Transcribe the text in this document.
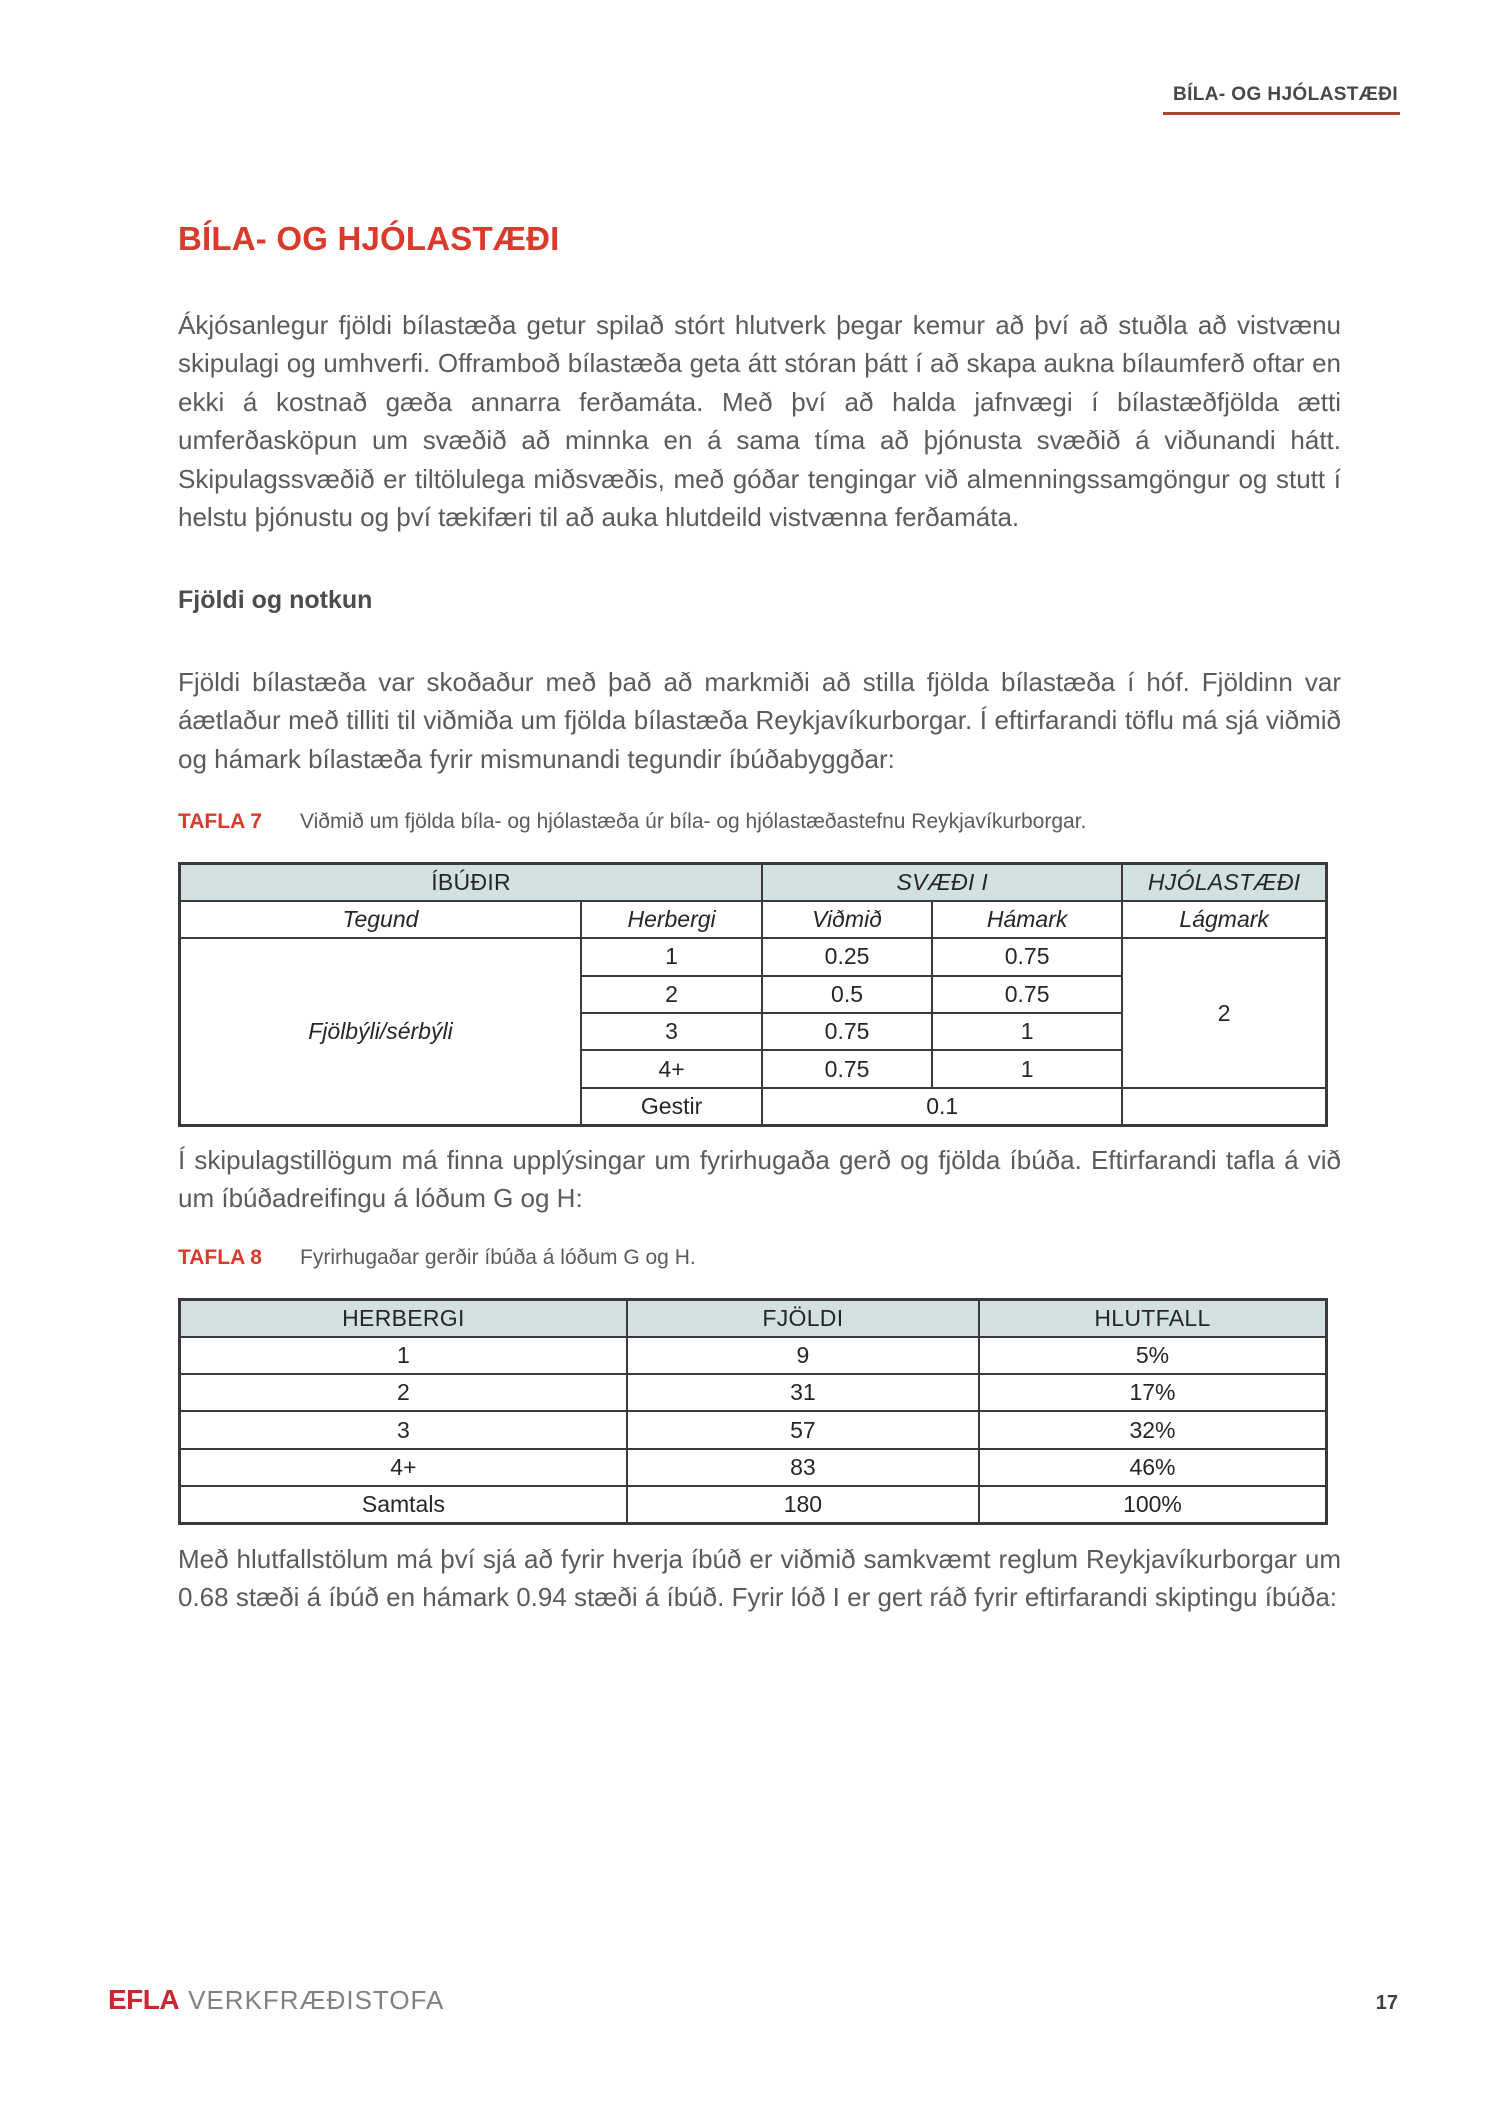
BÍLA- OG HJÓLASTÆÐI
BÍLA- OG HJÓLASTÆÐI

Ákjósanlegur fjöldi bílastæða getur spilað stórt hlutverk þegar kemur að því að stuðla að vistvænu skipulagi og umhverfi. Offramboð bílastæða geta átt stóran þátt í að skapa aukna bílaumferð oftar en ekki á kostnað gæða annarra ferðamáta. Með því að halda jafnvægi í bílastæðfjölda ætti umferðasköpun um svæðið að minnka en á sama tíma að þjónusta svæðið á viðunandi hátt. Skipulagssvæðið er tiltölulega miðsvæðis, með góðar tengingar við almenningssamgöngur og stutt í helstu þjónustu og því tækifæri til að auka hlutdeild vistvænna ferðamáta.

Fjöldi og notkun

Fjöldi bílastæða var skoðaður með það að markmiði að stilla fjölda bílastæða í hóf. Fjöldinn var áætlaður með tilliti til viðmiða um fjölda bílastæða Reykjavíkurborgar. Í eftirfarandi töflu má sjá viðmið og hámark bílastæða fyrir mismunandi tegundir íbúðabyggðar:

TAFLA 7	Viðmið um fjölda bíla- og hjólastæða úr bíla- og hjólastæðastefnu Reykjavíkurborgar.
ÍBÚÐIR		SVÆÐI I		HJÓLASTÆÐI
Tegund	Herbergi	Viðmið	Hámark	Lágmark
Fjölbýli/sérbýli	1	0.25	0.75	2
	2	0.5	0.75	
	3	0.75	1	
	4+	0.75	1	
	Gestir	0.1		

Í skipulagstillögum má finna upplýsingar um fyrirhugaða gerð og fjölda íbúða. Eftirfarandi tafla á við um íbúðadreifingu á lóðum G og H:

TAFLA 8	Fyrirhugaðar gerðir íbúða á lóðum G og H.
HERBERGI	FJÖLDI	HLUTFALL
1	9	5%
2	31	17%
3	57	32%
4+	83	46%
Samtals	180	100%

Með hlutfallstölum má því sjá að fyrir hverja íbúð er viðmið samkvæmt reglum Reykjavíkurborgar um 0.68 stæði á íbúð en hámark 0.94 stæði á íbúð. Fyrir lóð I er gert ráð fyrir eftirfarandi skiptingu íbúða:

EFLA VERKFRÆÐISTOFA	17
